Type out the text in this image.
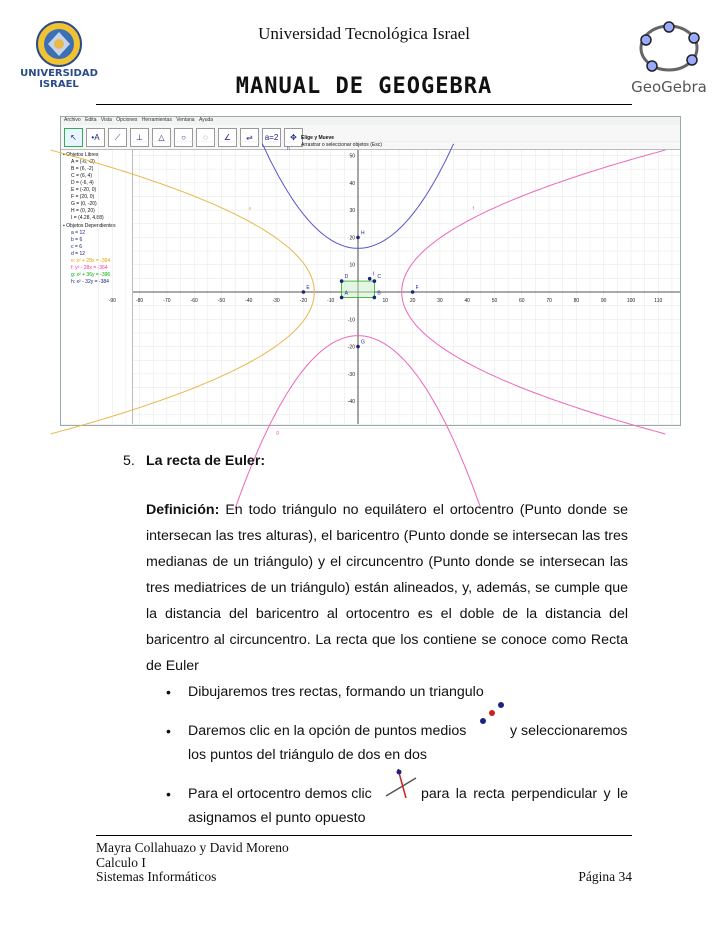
UNIVERSIDAD ISRAEL
Universidad Tecnológica Israel
MANUAL DE GEOGEBRA	GeoGebra
Archivo Edita Vista Opciones Herramientas Ventana Ayuda
↖	•A	⟋	⊥	△	○	◌	∠	⇌	a=2	✥ Elige y Mueve
Arrastrar o seleccionar objetos (Esc)
▪ Objetos Libres
A = (-6, -2)
B = (6, -2)
C = (6, 4)
D = (-6, 4)
E = (-20, 0)
F = (20, 0)
G = (0, -20)
H = (0, 20)
I = (4.28, 4.88)
▪ Objetos Dependientes
a = 12
b = 6
c = 6
d = 12
e: x² + 28x = -364
f: y² - 28x = -364
g: x² + 36y = -396
h: x² - 32y = -384
-90	-80	-70	-60	-50	-40	-30	-20	-10	10	20	30	40	50	60	70	80	90	100	110
50
40
30
20
10
-10
-20
-30
-40
h
e	f
g
E	F
H
G
A	B
C
D	I
5. La recta de Euler:
Definición: En todo triángulo no equilátero el ortocentro (Punto donde se
intersecan las tres alturas), el baricentro (Punto donde se intersecan las tres
medianas de un triángulo) y el circuncentro (Punto donde se intersecan las
tres mediatrices de un triángulo) están alineados, y, además, se cumple que
la distancia del baricentro al ortocentro es el doble de la distancia del
baricentro al circuncentro. La recta que los contiene se conoce como Recta
de Euler
• Dibujaremos tres rectas, formando un triangulo
• Daremos clic en la opción de puntos medios	y seleccionaremos
los puntos del triángulo de dos en dos
• Para el ortocentro demos clic	para la recta perpendicular y le
asignamos el punto opuesto
Mayra Collahuazo y David Moreno
Calculo I
Sistemas Informáticos	Página 34
